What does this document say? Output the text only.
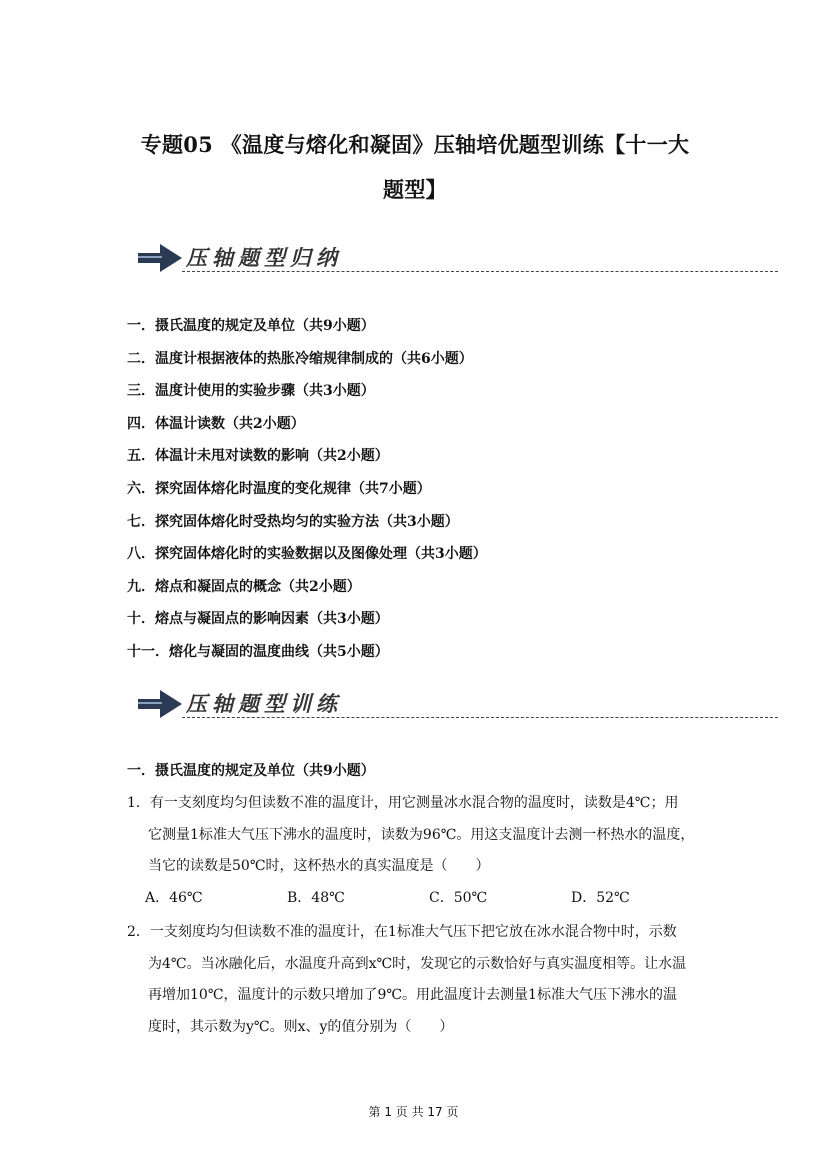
专题05 《温度与熔化和凝固》压轴培优题型训练【十一大
题型】
压轴题型归纳
一．摄氏温度的规定及单位（共9小题）
二．温度计根据液体的热胀冷缩规律制成的（共6小题）
三．温度计使用的实验步骤（共3小题）
四．体温计读数（共2小题）
五．体温计未甩对读数的影响（共2小题）
六．探究固体熔化时温度的变化规律（共7小题）
七．探究固体熔化时受热均匀的实验方法（共3小题）
八．探究固体熔化时的实验数据以及图像处理（共3小题）
九．熔点和凝固点的概念（共2小题）
十．熔点与凝固点的影响因素（共3小题）
十一．熔化与凝固的温度曲线（共5小题）
压轴题型训练
一．摄氏温度的规定及单位（共9小题）
1．有一支刻度均匀但读数不准的温度计，用它测量冰水混合物的温度时，读数是4℃；用
它测量1标准大气压下沸水的温度时，读数为96℃。用这支温度计去测一杯热水的温度，
当它的读数是50℃时，这杯热水的真实温度是（　　）
A．46℃	B．48℃	C．50℃	D．52℃
2．一支刻度均匀但读数不准的温度计，在1标准大气压下把它放在冰水混合物中时，示数
为4℃。当冰融化后，水温度升高到x℃时，发现它的示数恰好与真实温度相等。让水温
再增加10℃，温度计的示数只增加了9℃。用此温度计去测量1标准大气压下沸水的温
度时，其示数为y℃。则x、y的值分别为（　　）
第 1 页 共 17 页
